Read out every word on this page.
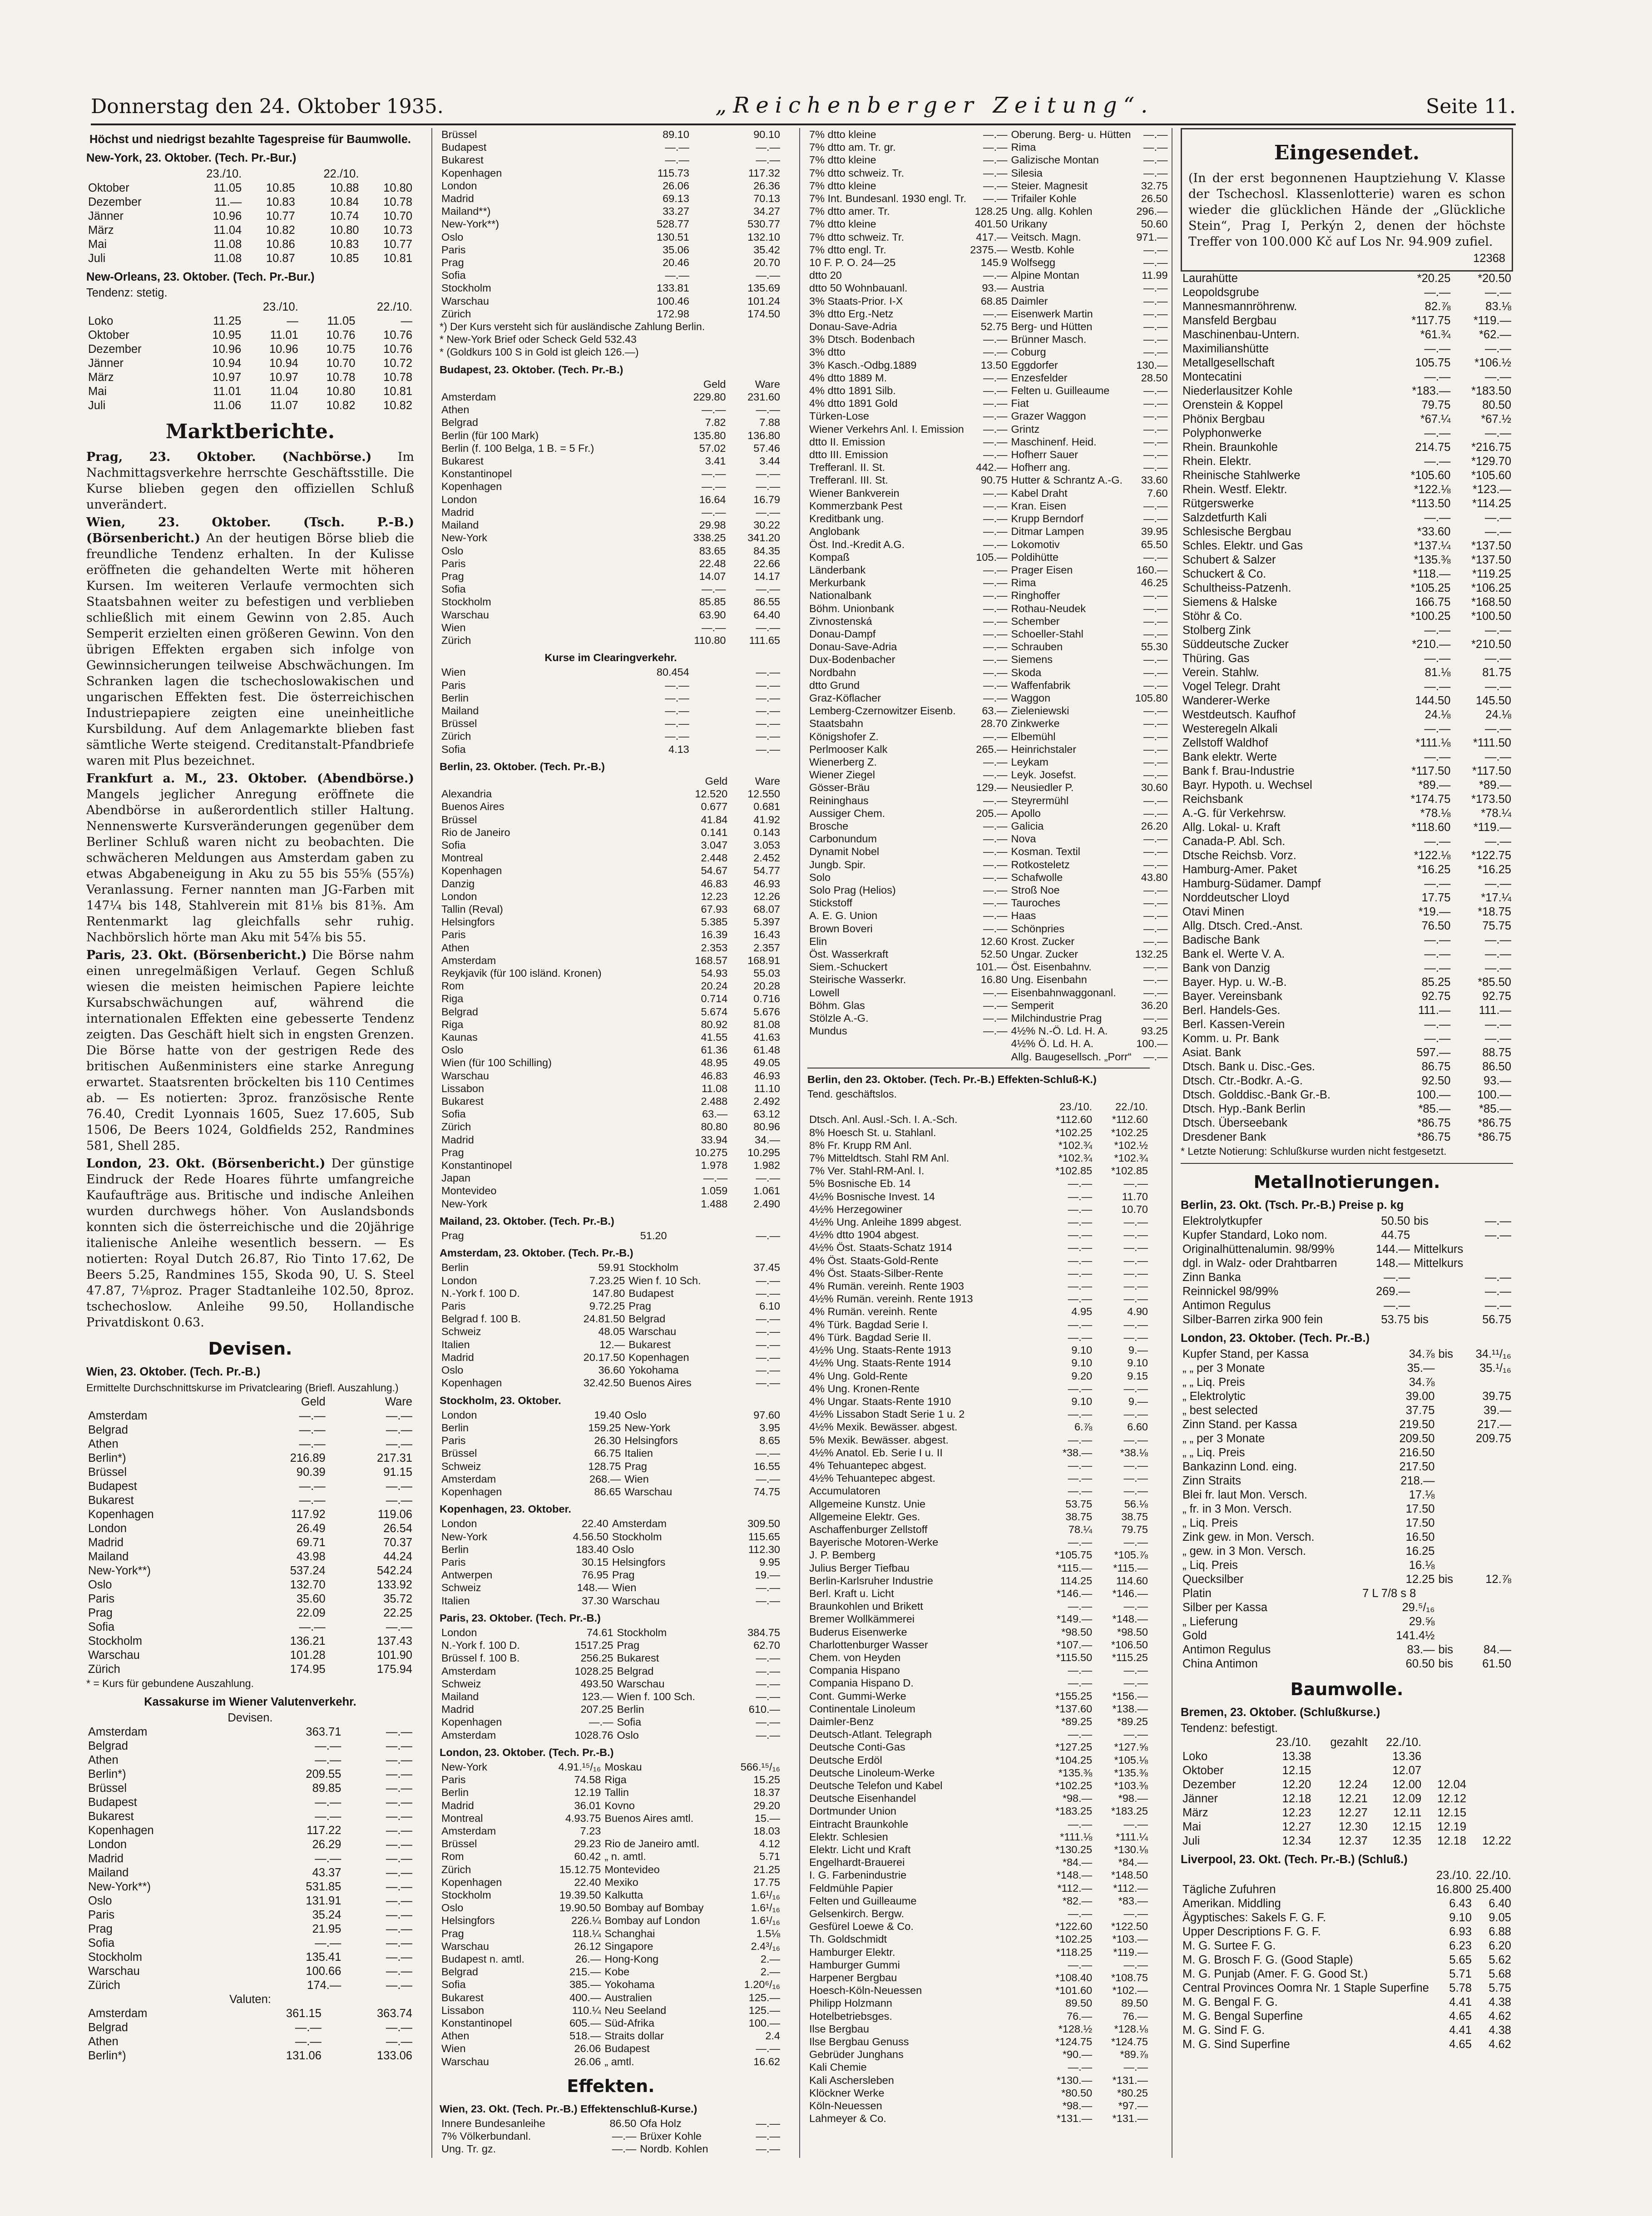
Donnerstag den 24. Oktober 1935.	„Reichenberger Zeitung“.	Seite 11.
Höchst und niedrigst bezahlte Tagespreise für Baumwolle.
New-York, 23. Oktober. (Tech. Pr.-Bur.)
	23./10.		22./10.	
Oktober	11.05	10.85	10.88	10.80
Dezember	11.—	10.83	10.84	10.78
Jänner	10.96	10.77	10.74	10.70
März	11.04	10.82	10.80	10.73
Mai	11.08	10.86	10.83	10.77
Juli	11.08	10.87	10.85	10.81
New-Orleans, 23. Oktober. (Tech. Pr.-Bur.)
Tendenz: stetig.
	23./10.		22./10.	
Loko	11.25	—	11.05	—
Oktober	10.95	11.01	10.76	10.76
Dezember	10.96	10.96	10.75	10.76
Jänner	10.94	10.94	10.70	10.72
März	10.97	10.97	10.78	10.78
Mai	11.01	11.04	10.80	10.81
Juli	11.06	11.07	10.82	10.82
Marktberichte.
Prag, 23. Oktober. (Nachbörse.) Im Nachmittagsverkehre herrschte Geschäftsstille. Die Kurse blieben gegen den offiziellen Schluß unverändert.
Wien, 23. Oktober. (Tsch. P.-B.) (Börsenbericht.) An der heutigen Börse blieb die freundliche Tendenz erhalten. In der Kulisse eröffneten die gehandelten Werte mit höheren Kursen. Im weiteren Verlaufe vermochten sich Staatsbahnen weiter zu befestigen und verblieben schließlich mit einem Gewinn von 2.85. Auch Semperit erzielten einen größeren Gewinn. Von den übrigen Effekten ergaben sich infolge von Gewinnsicherungen teilweise Abschwächungen. Im Schranken lagen die tschechoslowakischen und ungarischen Effekten fest. Die österreichischen Industriepapiere zeigten eine uneinheitliche Kursbildung. Auf dem Anlagemarkte blieben fast sämtliche Werte steigend. Creditanstalt-Pfandbriefe waren mit Plus bezeichnet.
Frankfurt a. M., 23. Oktober. (Abendbörse.) Mangels jeglicher Anregung eröffnete die Abendbörse in außerordentlich stiller Haltung. Nennenswerte Kursveränderungen gegenüber dem Berliner Schluß waren nicht zu beobachten. Die schwächeren Meldungen aus Amsterdam gaben zu etwas Abgabeneigung in Aku zu 55 bis 55⅝ (55⅞) Veranlassung. Ferner nannten man JG-Farben mit 147¼ bis 148, Stahlverein mit 81⅛ bis 81⅜. Am Rentenmarkt lag gleichfalls sehr ruhig. Nachbörslich hörte man Aku mit 54⅞ bis 55.
Paris, 23. Okt. (Börsenbericht.) Die Börse nahm einen unregelmäßigen Verlauf. Gegen Schluß wiesen die meisten heimischen Papiere leichte Kursabschwächungen auf, während die internationalen Effekten eine gebesserte Tendenz zeigten. Das Geschäft hielt sich in engsten Grenzen. Die Börse hatte von der gestrigen Rede des britischen Außenministers eine starke Anregung erwartet. Staatsrenten bröckelten bis 110 Centimes ab. — Es notierten: 3proz. französische Rente 76.40, Credit Lyonnais 1605, Suez 17.605, Sub 1506, De Beers 1024, Goldfields 252, Randmines 581, Shell 285.
London, 23. Okt. (Börsenbericht.) Der günstige Eindruck der Rede Hoares führte umfangreiche Kaufaufträge aus. Britische und indische Anleihen wurden durchwegs höher. Von Auslandsbonds konnten sich die österreichische und die 20jährige italienische Anleihe wesentlich bessern. — Es notierten: Royal Dutch 26.87, Rio Tinto 17.62, De Beers 5.25, Randmines 155, Skoda 90, U. S. Steel 47.87, 7⅛proz. Prager Stadtanleihe 102.50, 8proz. tschechoslow. Anleihe 99.50, Hollandische Privatdiskont 0.63.
Devisen.
Wien, 23. Oktober. (Tech. Pr.-B.)
Ermittelte Durchschnittskurse im Privatclearing (Briefl. Auszahlung.)
	Geld	Ware
Amsterdam	—.—	—.—
Belgrad	—.—	—.—
Athen	—.—	—.—
Berlin*)	216.89	217.31
Brüssel	90.39	91.15
Budapest	—.—	—.—
Bukarest	—.—	—.—
Kopenhagen	117.92	119.06
London	26.49	26.54
Madrid	69.71	70.37
Mailand	43.98	44.24
New-York**)	537.24	542.24
Oslo	132.70	133.92
Paris	35.60	35.72
Prag	22.09	22.25
Sofia	—.—	—.—
Stockholm	136.21	137.43
Warschau	101.28	101.90
Zürich	174.95	175.94
* = Kurs für gebundene Auszahlung.
Kassakurse im Wiener Valutenverkehr.
Devisen.
Amsterdam	363.71	—.—
Belgrad	—.—	—.—
Athen	—.—	—.—
Berlin*)	209.55	—.—
Brüssel	89.85	—.—
Budapest	—.—	—.—
Bukarest	—.—	—.—
Kopenhagen	117.22	—.—
London	26.29	—.—
Madrid	—.—	—.—
Mailand	43.37	—.—
New-York**)	531.85	—.—
Oslo	131.91	—.—
Paris	35.24	—.—
Prag	21.95	—.—
Sofia	—.—	—.—
Stockholm	135.41	—.—
Warschau	100.66	—.—
Zürich	174.—	—.—
Valuten:
Amsterdam	361.15	363.74
Belgrad	—.—	—.—
Athen	—.—	—.—
Berlin*)	131.06	133.06
Brüssel	89.10	90.10
Budapest	—.—	—.—
Bukarest	—.—	—.—
Kopenhagen	115.73	117.32
London	26.06	26.36
Madrid	69.13	70.13
Mailand**)	33.27	34.27
New-York**)	528.77	530.77
Oslo	130.51	132.10
Paris	35.06	35.42
Prag	20.46	20.70
Sofia	—.—	—.—
Stockholm	133.81	135.69
Warschau	100.46	101.24
Zürich	172.98	174.50
*) Der Kurs versteht sich für ausländische Zahlung Berlin.
* New-York Brief oder Scheck Geld 532.43
* (Goldkurs 100 S in Gold ist gleich 126.—)
Budapest, 23. Oktober. (Tech. Pr.-B.)
	Geld	Ware
Amsterdam	229.80	231.60
Athen	—.—	—.—
Belgrad	7.82	7.88
Berlin (für 100 Mark)	135.80	136.80
Berlin (f. 100 Belga, 1 B. = 5 Fr.)	57.02	57.46
Bukarest	3.41	3.44
Konstantinopel	—.—	—.—
Kopenhagen	—.—	—.—
London	16.64	16.79
Madrid	—.—	—.—
Mailand	29.98	30.22
New-York	338.25	341.20
Oslo	83.65	84.35
Paris	22.48	22.66
Prag	14.07	14.17
Sofia	—.—	—.—
Stockholm	85.85	86.55
Warschau	63.90	64.40
Wien	—.—	—.—
Zürich	110.80	111.65
Kurse im Clearingverkehr.
Wien	80.454	—.—
Paris	—.—	—.—
Berlin	—.—	—.—
Mailand	—.—	—.—
Brüssel	—.—	—.—
Zürich	—.—	—.—
Sofia	4.13	—.—
Berlin, 23. Oktober. (Tech. Pr.-B.)
	Geld	Ware
Alexandria	12.520	12.550
Buenos Aires	0.677	0.681
Brüssel	41.84	41.92
Rio de Janeiro	0.141	0.143
Sofia	3.047	3.053
Montreal	2.448	2.452
Kopenhagen	54.67	54.77
Danzig	46.83	46.93
London	12.23	12.26
Tallin (Reval)	67.93	68.07
Helsingfors	5.385	5.397
Paris	16.39	16.43
Athen	2.353	2.357
Amsterdam	168.57	168.91
Reykjavik (für 100 isländ. Kronen)	54.93	55.03
Rom	20.24	20.28
Riga	0.714	0.716
Belgrad	5.674	5.676
Riga	80.92	81.08
Kaunas	41.55	41.63
Oslo	61.36	61.48
Wien (für 100 Schilling)	48.95	49.05
Warschau	46.83	46.93
Lissabon	11.08	11.10
Bukarest	2.488	2.492
Sofia	63.—	63.12
Zürich	80.80	80.96
Madrid	33.94	34.—
Prag	10.275	10.295
Konstantinopel	1.978	1.982
Japan	—.—	—.—
Montevideo	1.059	1.061
New-York	1.488	2.490
Mailand, 23. Oktober. (Tech. Pr.-B.)
Prag	51.20	—.—
Amsterdam, 23. Oktober. (Tech. Pr.-B.)
Berlin	59.91	Stockholm	37.45
London	7.23.25	Wien f. 10 Sch.	—.—
N.-York f. 100 D.	147.80	Budapest	—.—
Paris	9.72.25	Prag	6.10
Belgrad f. 100 B.	24.81.50	Belgrad	—.—
Schweiz	48.05	Warschau	—.—
Italien	12.—	Bukarest	—.—
Madrid	20.17.50	Kopenhagen	—.—
Oslo	36.60	Yokohama	—.—
Kopenhagen	32.42.50	Buenos Aires	—.—
Stockholm, 23. Oktober.
London	19.40	Oslo	97.60
Berlin	159.25	New-York	3.95
Paris	26.30	Helsingfors	8.65
Brüssel	66.75	Italien	—.—
Schweiz	128.75	Prag	16.55
Amsterdam	268.—	Wien	—.—
Kopenhagen	86.65	Warschau	74.75
Kopenhagen, 23. Oktober.
London	22.40	Amsterdam	309.50
New-York	4.56.50	Stockholm	115.65
Berlin	183.40	Oslo	112.30
Paris	30.15	Helsingfors	9.95
Antwerpen	76.95	Prag	19.—
Schweiz	148.—	Wien	—.—
Italien	37.30	Warschau	—.—
Paris, 23. Oktober. (Tech. Pr.-B.)
London	74.61	Stockholm	384.75
N.-York f. 100 D.	1517.25	Prag	62.70
Brüssel f. 100 B.	256.25	Bukarest	—.—
Amsterdam	1028.25	Belgrad	—.—
Schweiz	493.50	Warschau	—.—
Mailand	123.—	Wien f. 100 Sch.	—.—
Madrid	207.25	Berlin	610.—
Kopenhagen	—.—	Sofia	—.—
Amsterdam	1028.76	Oslo	—.—
London, 23. Oktober. (Tech. Pr.-B.)
New-York	4.91.¹⁵/₁₆	Moskau	566.¹⁵/₁₆
Paris	74.58	Riga	15.25
Berlin	12.19	Tallin	18.37
Madrid	36.01	Kovno	29.20
Montreal	4.93.75	Buenos Aires amtl.	15.—
Amsterdam	7.23		18.03
Brüssel	29.23	Rio de Janeiro amtl.	4.12
Rom	60.42	„ n. amtl.	5.71
Zürich	15.12.75	Montevideo	21.25
Kopenhagen	22.40	Mexiko	17.75
Stockholm	19.39.50	Kalkutta	1.6¹/₁₆
Oslo	19.90.50	Bombay auf Bombay	1.6¹/₁₆
Helsingfors	226.¼	Bombay auf London	1.6¹/₁₆
Prag	118.¼	Schanghai	1.5⅛
Warschau	26.12	Singapore	2.4³/₁₆
Budapest n. amtl.	26.—	Hong-Kong	2.—
Belgrad	215.—	Kobe	2.—
Sofia	385.—	Yokohama	1.20⁶/₁₆
Bukarest	400.—	Australien	125.—
Lissabon	110.¼	Neu Seeland	125.—
Konstantinopel	605.—	Süd-Afrika	100.—
Athen	518.—	Straits dollar	2.4
Wien	26.06	Budapest	—.—
Warschau	26.06	„ amtl.	16.62
Effekten.
Wien, 23. Okt. (Tech. Pr.-B.) Effektenschluß-Kurse.)
Innere Bundesanleihe	86.50	Ofa Holz	—.—
7% Völkerbundanl.	—.—	Brüxer Kohle	—.—
Ung. Tr. gz.	—.—	Nordb. Kohlen	—.—
7% dtto kleine	—.—	Oberung. Berg- u. Hütten	—.—
7% dtto am. Tr. gr.	—.—	Rima	—.—
7% dtto kleine	—.—	Galizische Montan	—.—
7% dtto schweiz. Tr.	—.—	Silesia	—.—
7% dtto kleine	—.—	Steier. Magnesit	32.75
7% Int. Bundesanl. 1930 engl. Tr.	—.—	Trifailer Kohle	26.50
7% dtto amer. Tr.	128.25	Ung. allg. Kohlen	296.—
7% dtto kleine	401.50	Urikany	50.60
7% dtto schweiz. Tr.	417.—	Veitsch. Magn.	971.—
7% dtto engl. Tr.	2375.—	Westb. Kohle	—.—
10 F. P. O. 24—25	145.9	Wolfsegg	—.—
dtto 20	—.—	Alpine Montan	11.99
dtto 50 Wohnbauanl.	93.—	Austria	—.—
3% Staats-Prior. I-X	68.85	Daimler	—.—
3% dtto Erg.-Netz	—.—	Eisenwerk Martin	—.—
Donau-Save-Adria	52.75	Berg- und Hütten	—.—
3% Dtsch. Bodenbach	—.—	Brünner Masch.	—.—
3% dtto	—.—	Coburg	—.—
3% Kasch.-Odbg.1889	13.50	Eggdorfer	130.—
4% dtto 1889 M.	—.—	Enzesfelder	28.50
4% dtto 1891 Silb.	—.—	Felten u. Guilleaume	—.—
4% dtto 1891 Gold	—.—	Fiat	—.—
Türken-Lose	—.—	Grazer Waggon	—.—
Wiener Verkehrs Anl. I. Emission	—.—	Grintz	—.—
dtto II. Emission	—.—	Maschinenf. Heid.	—.—
dtto III. Emission	—.—	Hofherr Sauer	—.—
Trefferanl. II. St.	442.—	Hofherr ang.	—.—
Trefferanl. III. St.	90.75	Hutter & Schrantz A.-G.	33.60
Wiener Bankverein	—.—	Kabel Draht	7.60
Kommerzbank Pest	—.—	Kran. Eisen	—.—
Kreditbank ung.	—.—	Krupp Berndorf	—.—
Anglobank	—.—	Ditmar Lampen	39.95
Öst. Ind.-Kredit A.G.	—.—	Lokomotiv	65.50
Kompaß	105.—	Poldihütte	—.—
Länderbank	—.—	Prager Eisen	160.—
Merkurbank	—.—	Rima	46.25
Nationalbank	—.—	Ringhoffer	—.—
Böhm. Unionbank	—.—	Rothau-Neudek	—.—
Zivnostenská	—.—	Schember	—.—
Donau-Dampf	—.—	Schoeller-Stahl	—.—
Donau-Save-Adria	—.—	Schrauben	55.30
Dux-Bodenbacher	—.—	Siemens	—.—
Nordbahn	—.—	Skoda	—.—
dtto Grund	—.—	Waffenfabrik	—.—
Graz-Köflacher	—.—	Waggon	105.80
Lemberg-Czernowitzer Eisenb.	63.—	Zieleniewski	—.—
Staatsbahn	28.70	Zinkwerke	—.—
Königshofer Z.	—.—	Elbemühl	—.—
Perlmooser Kalk	265.—	Heinrichstaler	—.—
Wienerberg Z.	—.—	Leykam	—.—
Wiener Ziegel	—.—	Leyk. Josefst.	—.—
Gösser-Bräu	129.—	Neusiedler P.	30.60
Reininghaus	—.—	Steyrermühl	—.—
Aussiger Chem.	205.—	Apollo	—.—
Brosche	—.—	Galicia	26.20
Carbonundum	—.—	Nova	—.—
Dynamit Nobel	—.—	Kosman. Textil	—.—
Jungb. Spir.	—.—	Rotkosteletz	—.—
Solo	—.—	Schafwolle	43.80
Solo Prag (Helios)	—.—	Stroß Noe	—.—
Stickstoff	—.—	Tauroches	—.—
A. E. G. Union	—.—	Haas	—.—
Brown Boveri	—.—	Schönpries	—.—
Elin	12.60	Krost. Zucker	—.—
Öst. Wasserkraft	52.50	Ungar. Zucker	132.25
Siem.-Schuckert	101.—	Öst. Eisenbahnv.	—.—
Steirische Wasserkr.	16.80	Ung. Eisenbahn	—.—
Lowell	—.—	Eisenbahnwaggonanl.	—.—
Böhm. Glas	—.—	Semperit	36.20
Stölzle A.-G.	—.—	Milchindustrie Prag	—.—
Mundus	—.—	4½% N.-Ö. Ld. H. A.	93.25
		4½% Ö. Ld. H. A.	100.—
		Allg. Baugesellsch. „Porr“	—.—
Berlin, den 23. Oktober. (Tech. Pr.-B.) Effekten-Schluß-K.)
Tend. geschäftslos.
	23./10.	22./10.
Dtsch. Anl. Ausl.-Sch. I. A.-Sch.	*112.60	*112.60
8% Hoesch St. u. Stahlanl.	*102.25	*102.25
8% Fr. Krupp RM Anl.	*102.¾	*102.½
7% Mitteldtsch. Stahl RM Anl.	*102.¾	*102.¾
7% Ver. Stahl-RM-Anl. I.	*102.85	*102.85
5% Bosnische Eb. 14	—.—	—.—
4½% Bosnische Invest. 14	—.—	11.70
4½% Herzegowiner	—.—	10.70
4½% Ung. Anleihe 1899 abgest.	—.—	—.—
4½% dtto 1904 abgest.	—.—	—.—
4½% Öst. Staats-Schatz 1914	—.—	—.—
4% Öst. Staats-Gold-Rente	—.—	—.—
4% Öst. Staats-Silber-Rente	—.—	—.—
4% Rumän. vereinh. Rente 1903	—.—	—.—
4½% Rumän. vereinh. Rente 1913	—.—	—.—
4% Rumän. vereinh. Rente	4.95	4.90
4% Türk. Bagdad Serie I.	—.—	—.—
4% Türk. Bagdad Serie II.	—.—	—.—
4½% Ung. Staats-Rente 1913	9.10	9.—
4½% Ung. Staats-Rente 1914	9.10	9.10
4% Ung. Gold-Rente	9.20	9.15
4% Ung. Kronen-Rente	—.—	—.—
4% Ungar. Staats-Rente 1910	9.10	9.—
4½% Lissabon Stadt Serie 1 u. 2	—.—	—.—
4½% Mexik. Bewässer. abgest.	6.⅞	6.60
5% Mexik. Bewässer. abgest.	—.—	—.—
4½% Anatol. Eb. Serie I u. II	*38.—	*38.⅛
4% Tehuantepec abgest.	—.—	—.—
4½% Tehuantepec abgest.	—.—	—.—
Accumulatoren	—.—	—.—
Allgemeine Kunstz. Unie	53.75	56.⅛
Allgemeine Elektr. Ges.	38.75	38.75
Aschaffenburger Zellstoff	78.¼	79.75
Bayerische Motoren-Werke	—.—	—.—
J. P. Bemberg	*105.75	*105.⅞
Julius Berger Tiefbau	*115.—	*115.—
Berlin-Karlsruher Industrie	114.25	114.60
Berl. Kraft u. Licht	*146.—	*146.—
Braunkohlen und Brikett	—.—	—.—
Bremer Wollkämmerei	*149.—	*148.—
Buderus Eisenwerke	*98.50	*98.50
Charlottenburger Wasser	*107.—	*106.50
Chem. von Heyden	*115.50	*115.25
Compania Hispano	—.—	—.—
Compania Hispano D.	—.—	—.—
Cont. Gummi-Werke	*155.25	*156.—
Continentale Linoleum	*137.60	*138.—
Daimler-Benz	*89.25	*89.25
Deutsch-Atlant. Telegraph	—.—	—.—
Deutsche Conti-Gas	*127.25	*127.⅝
Deutsche Erdöl	*104.25	*105.⅛
Deutsche Linoleum-Werke	*135.⅜	*135.⅜
Deutsche Telefon und Kabel	*102.25	*103.⅜
Deutsche Eisenhandel	*98.—	*98.—
Dortmunder Union	*183.25	*183.25
Eintracht Braunkohle	—.—	—.—
Elektr. Schlesien	*111.⅛	*111.¼
Elektr. Licht und Kraft	*130.25	*130.⅛
Engelhardt-Brauerei	*84.—	*84.—
I. G. Farbenindustrie	*148.—	*148.50
Feldmühle Papier	*112.—	*112.—
Felten und Guilleaume	*82.—	*83.—
Gelsenkirch. Bergw.	—.—	—.—
Gesfürel Loewe & Co.	*122.60	*122.50
Th. Goldschmidt	*102.25	*103.—
Hamburger Elektr.	*118.25	*119.—
Hamburger Gummi	—.—	—.—
Harpener Bergbau	*108.40	*108.75
Hoesch-Köln-Neuessen	*101.60	*102.—
Philipp Holzmann	89.50	89.50
Hotelbetriebsges.	76.—	76.—
Ilse Bergbau	*128.½	*128.⅛
Ilse Bergbau Genuss	*124.75	*124.75
Gebrüder Junghans	*90.—	*89.⅞
Kali Chemie	—.—	—.—
Kali Aschersleben	*130.—	*131.—
Klöckner Werke	*80.50	*80.25
Köln-Neuessen	*98.—	*97.—
Lahmeyer & Co.	*131.—	*131.—
Eingesendet.
(In der erst begonnenen Hauptziehung V. Klasse der Tschechosl. Klassenlotterie) waren es schon wieder die glücklichen Hände der „Glückliche Stein“, Prag I, Perkýn 2, denen der höchste Treffer von 100.000 Kč auf Los Nr. 94.909 zufiel.
12368
Laurahütte	*20.25	*20.50
Leopoldsgrube	—.—	—.—
Mannesmannröhrenw.	82.⅞	83.⅛
Mansfeld Bergbau	*117.75	*119.—
Maschinenbau-Untern.	*61.¾	*62.—
Maximilianshütte	—.—	—.—
Metallgesellschaft	105.75	*106.½
Montecatini	—.—	—.—
Niederlausitzer Kohle	*183.—	*183.50
Orenstein & Koppel	79.75	80.50
Phönix Bergbau	*67.¼	*67.½
Polyphonwerke	—.—	—.—
Rhein. Braunkohle	214.75	*216.75
Rhein. Elektr.	—.—	*129.70
Rheinische Stahlwerke	*105.60	*105.60
Rhein. Westf. Elektr.	*122.⅛	*123.—
Rütgerswerke	*113.50	*114.25
Salzdetfurth Kali	—.—	—.—
Schlesische Bergbau	*33.60	—.—
Schles. Elektr. und Gas	*137.¼	*137.50
Schubert & Salzer	*135.⅜	*137.50
Schuckert & Co.	*118.—	*119.25
Schultheiss-Patzenh.	*105.25	*106.25
Siemens & Halske	166.75	*168.50
Stöhr & Co.	*100.25	*100.50
Stolberg Zink	—.—	—.—
Süddeutsche Zucker	*210.—	*210.50
Thüring. Gas	—.—	—.—
Verein. Stahlw.	81.⅛	81.75
Vogel Telegr. Draht	—.—	—.—
Wanderer-Werke	144.50	145.50
Westdeutsch. Kaufhof	24.⅛	24.⅛
Westeregeln Alkali	—.—	—.—
Zellstoff Waldhof	*111.⅛	*111.50
Bank elektr. Werte	—.—	—.—
Bank f. Brau-Industrie	*117.50	*117.50
Bayr. Hypoth. u. Wechsel	*89.—	*89.—
Reichsbank	*174.75	*173.50
A.-G. für Verkehrsw.	*78.⅛	*78.¼
Allg. Lokal- u. Kraft	*118.60	*119.—
Canada-P. Abl. Sch.	—.—	—.—
Dtsche Reichsb. Vorz.	*122.⅛	*122.75
Hamburg-Amer. Paket	*16.25	*16.25
Hamburg-Südamer. Dampf	—.—	—.—
Norddeutscher Lloyd	17.75	*17.¼
Otavi Minen	*19.—	*18.75
Allg. Dtsch. Cred.-Anst.	76.50	75.75
Badische Bank	—.—	—.—
Bank el. Werte V. A.	—.—	—.—
Bank von Danzig	—.—	—.—
Bayer. Hyp. u. W.-B.	85.25	*85.50
Bayer. Vereinsbank	92.75	92.75
Berl. Handels-Ges.	111.—	111.—
Berl. Kassen-Verein	—.—	—.—
Komm. u. Pr. Bank	—.—	—.—
Asiat. Bank	597.—	88.75
Dtsch. Bank u. Disc.-Ges.	86.75	86.50
Dtsch. Ctr.-Bodkr. A.-G.	92.50	93.—
Dtsch. Golddisc.-Bank Gr.-B.	100.—	100.—
Dtsch. Hyp.-Bank Berlin	*85.—	*85.—
Dtsch. Überseebank	*86.75	*86.75
Dresdener Bank	*86.75	*86.75
* Letzte Notierung: Schlußkurse wurden nicht festgesetzt.
Metallnotierungen.
Berlin, 23. Okt. (Tsch. Pr.-B.) Preise p. kg
Elektrolytkupfer	50.50	bis	—.—
Kupfer Standard, Loko nom.	44.75		—.—
Originalhüttenalumin. 98/99%	144.—	Mittelkurs	
dgl. in Walz- oder Drahtbarren	148.—	Mittelkurs	
Zinn Banka	—.—		—.—
Reinnickel 98/99%	269.—		—.—
Antimon Regulus	—.—		—.—
Silber-Barren zirka 900 fein	53.75	bis	56.75
London, 23. Oktober. (Tech. Pr.-B.)
Kupfer Stand, per Kassa	34.⅞	bis	34.¹¹/₁₆
„ „ per 3 Monate	35.—		35.¹/₁₆
„ „ Liq. Preis	34.⅞		
„ Elektrolytic	39.00		39.75
„ best selected	37.75		39.—
Zinn Stand. per Kassa	219.50		217.—
„ „ per 3 Monate	209.50		209.75
„ „ Liq. Preis	216.50		
Bankazinn Lond. eing.	217.50		
Zinn Straits	218.—		
Blei fr. laut Mon. Versch.	17.⅛		
„ fr. in 3 Mon. Versch.	17.50		
„ Liq. Preis	17.50		
Zink gew. in Mon. Versch.	16.50		
„ gew. in 3 Mon. Versch.	16.25		
„ Liq. Preis	16.⅛		
Quecksilber	12.25	bis	12.⅞
Platin	7 L 7/8 s 8		
Silber per Kassa	29.⁵/₁₆		
„ Lieferung	29.⅝		
Gold	141.4½		
Antimon Regulus	83.—	bis	84.—
China Antimon	60.50	bis	61.50
Baumwolle.
Bremen, 23. Oktober. (Schlußkurse.)
Tendenz: befestigt.
	23./10.	gezahlt	22./10.		
Loko	13.38		13.36		
Oktober	12.15		12.07		
Dezember	12.20	12.24	12.00	12.04	
Jänner	12.18	12.21	12.09	12.12	
März	12.23	12.27	12.11	12.15	
Mai	12.27	12.30	12.15	12.19	
Juli	12.34	12.37	12.35	12.18	12.22
Liverpool, 23. Okt. (Tech. Pr.-B.) (Schluß.)
	23./10.	22./10.
Tägliche Zufuhren	16.800	25.400
Amerikan. Middling	6.43	6.40
Ägyptisches: Sakels F. G. F.	9.10	9.05
Upper Descriptions F. G. F.	6.93	6.88
M. G. Surtee F. G.	6.23	6.20
M. G. Brosch F. G. (Good Staple)	5.65	5.62
M. G. Punjab (Amer. F. G. Good St.)	5.71	5.68
Central Provinces Oomra Nr. 1 Staple Superfine	5.78	5.75
M. G. Bengal F. G.	4.41	4.38
M. G. Bengal Superfine	4.65	4.62
M. G. Sind F. G.	4.41	4.38
M. G. Sind Superfine	4.65	4.62
